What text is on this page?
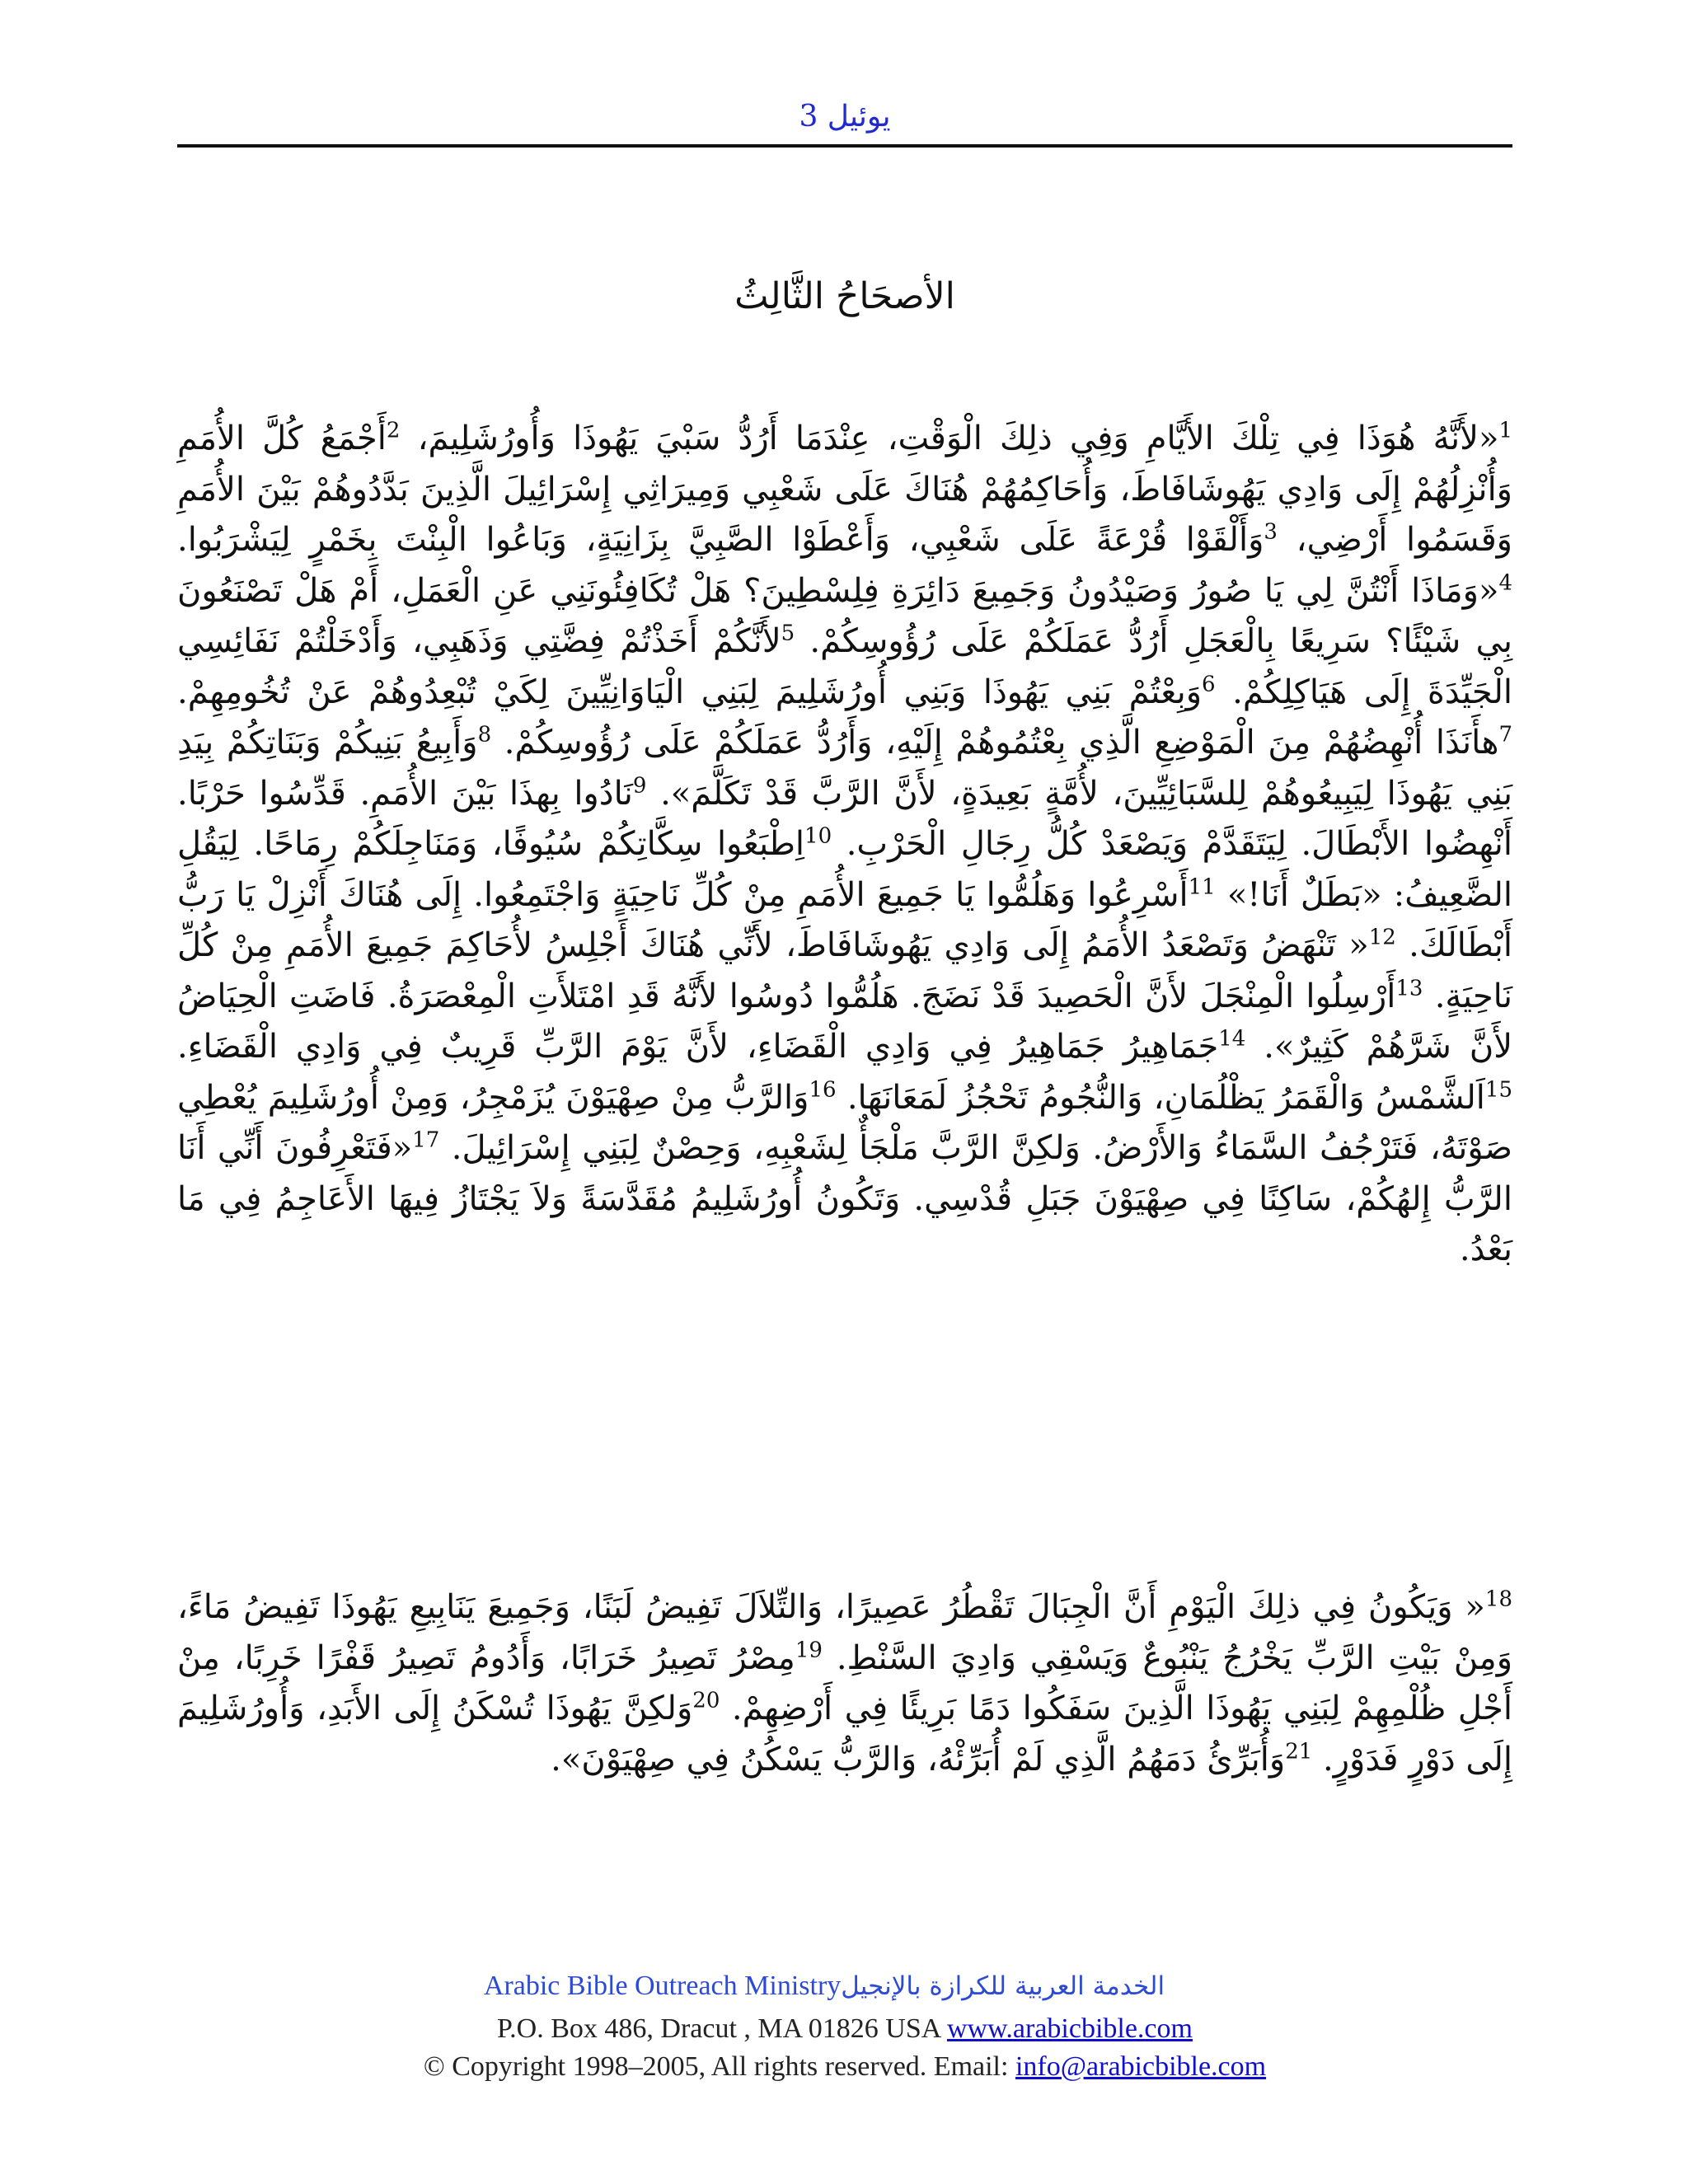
يوئيل 3
الأصحَاحُ الثَّالِثُ

$^1$«لأَنَّهُ هُوَذَا فِي تِلْكَ الأَيَّامِ وَفِي ذلِكَ الْوَقْتِ، عِنْدَمَا أَرُدُّ سَبْيَ يَهُوذَا وَأُورُشَلِيمَ، $^2$أَجْمَعُ كُلَّ الأُمَمِ وَأُنْزِلُهُمْ إِلَى وَادِي يَهُوشَافَاطَ، وَأُحَاكِمُهُمْ هُنَاكَ عَلَى شَعْبِي وَمِيرَاثِي إِسْرَائِيلَ الَّذِينَ بَدَّدُوهُمْ بَيْنَ الأُمَمِ وَقَسَمُوا أَرْضِي، $^3$وَأَلْقَوْا قُرْعَةً عَلَى شَعْبِي، وَأَعْطَوْا الصَّبِيَّ بِزَانِيَةٍ، وَبَاعُوا الْبِنْتَ بِخَمْرٍ لِيَشْرَبُوا. $^4$«وَمَاذَا أَنْتُنَّ لِي يَا صُورُ وَصَيْدُونُ وَجَمِيعَ دَائِرَةِ فِلِسْطِينَ؟ هَلْ تُكَافِئُونَنِي عَنِ الْعَمَلِ، أَمْ هَلْ تَصْنَعُونَ بِي شَيْئًا؟ سَرِيعًا بِالْعَجَلِ أَرُدُّ عَمَلَكُمْ عَلَى رُؤُوسِكُمْ. $^5$لأَنَّكُمْ أَخَذْتُمْ فِضَّتِي وَذَهَبِي، وَأَدْخَلْتُمْ نَفَائِسِي الْجَيِّدَةَ إِلَى هَيَاكِلِكُمْ. $^6$وَبِعْتُمْ بَنِي يَهُوذَا وَبَنِي أُورُشَلِيمَ لِبَنِي الْيَاوَانِيِّينَ لِكَيْ تُبْعِدُوهُمْ عَنْ تُخُومِهِمْ. $^7$هأَنَذَا أُنْهِضُهُمْ مِنَ الْمَوْضِعِ الَّذِي بِعْتُمُوهُمْ إِلَيْهِ، وَأَرُدُّ عَمَلَكُمْ عَلَى رُؤُوسِكُمْ. $^8$وَأَبِيعُ بَنِيكُمْ وَبَنَاتِكُمْ بِيَدِ بَنِي يَهُوذَا لِيَبِيعُوهُمْ لِلسَّبَائِيِّينَ، لأُمَّةٍ بَعِيدَةٍ، لأَنَّ الرَّبَّ قَدْ تَكَلَّمَ». $^9$نَادُوا بِهذَا بَيْنَ الأُمَمِ. قَدِّسُوا حَرْبًا. أَنْهِضُوا الأَبْطَالَ. لِيَتَقَدَّمْ وَيَصْعَدْ كُلُّ رِجَالِ الْحَرْبِ. $^{10}$اِطْبَعُوا سِكَّاتِكُمْ سُيُوفًا، وَمَنَاجِلَكُمْ رِمَاحًا. لِيَقُلِ الضَّعِيفُ: «بَطَلٌ أَنَا!» $^{11}$أَسْرِعُوا وَهَلُمُّوا يَا جَمِيعَ الأُمَمِ مِنْ كُلِّ نَاحِيَةٍ وَاجْتَمِعُوا. إِلَى هُنَاكَ أَنْزِلْ يَا رَبُّ أَبْطَالَكَ. $^{12}$« تَنْهَضُ وَتَصْعَدُ الأُمَمُ إِلَى وَادِي يَهُوشَافَاطَ، لأَنِّي هُنَاكَ أَجْلِسُ لأُحَاكِمَ جَمِيعَ الأُمَمِ مِنْ كُلِّ نَاحِيَةٍ. $^{13}$أَرْسِلُوا الْمِنْجَلَ لأَنَّ الْحَصِيدَ قَدْ نَضَجَ. هَلُمُّوا دُوسُوا لأَنَّهُ قَدِ امْتَلأَتِ الْمِعْصَرَةُ. فَاضَتِ الْحِيَاضُ لأَنَّ شَرَّهُمْ كَثِيرٌ». $^{14}$جَمَاهِيرُ جَمَاهِيرُ فِي وَادِي الْقَضَاءِ، لأَنَّ يَوْمَ الرَّبِّ قَرِيبٌ فِي وَادِي الْقَضَاءِ. $^{15}$اَلشَّمْسُ وَالْقَمَرُ يَظْلُمَانِ، وَالنُّجُومُ تَحْجُزُ لَمَعَانَهَا. $^{16}$وَالرَّبُّ مِنْ صِهْيَوْنَ يُزَمْجِرُ، وَمِنْ أُورُشَلِيمَ يُعْطِي صَوْتَهُ، فَتَرْجُفُ السَّمَاءُ وَالأَرْضُ. وَلكِنَّ الرَّبَّ مَلْجَأٌ لِشَعْبِهِ، وَحِصْنٌ لِبَنِي إِسْرَائِيلَ. $^{17}$«فَتَعْرِفُونَ أَنِّي أَنَا الرَّبُّ إِلهُكُمْ، سَاكِنًا فِي صِهْيَوْنَ جَبَلِ قُدْسِي. وَتَكُونُ أُورُشَلِيمُ مُقَدَّسَةً وَلاَ يَجْتَازُ فِيهَا الأَعَاجِمُ فِي مَا بَعْدُ.

$^{18}$« وَيَكُونُ فِي ذلِكَ الْيَوْمِ أَنَّ الْجِبَالَ تَقْطُرُ عَصِيرًا، وَالتِّلاَلَ تَفِيضُ لَبَنًا، وَجَمِيعَ يَنَابِيعِ يَهُوذَا تَفِيضُ مَاءً، وَمِنْ بَيْتِ الرَّبِّ يَخْرُجُ يَنْبُوعٌ وَيَسْقِي وَادِيَ السَّنْطِ. $^{19}$مِصْرُ تَصِيرُ خَرَابًا، وَأَدُومُ تَصِيرُ قَفْرًا خَرِبًا، مِنْ أَجْلِ ظُلْمِهِمْ لِبَنِي يَهُوذَا الَّذِينَ سَفَكُوا دَمًا بَرِيئًا فِي أَرْضِهِمْ. $^{20}$وَلكِنَّ يَهُوذَا تُسْكَنُ إِلَى الأَبَدِ، وَأُورُشَلِيمَ إِلَى دَوْرٍ فَدَوْرٍ. $^{21}$وَأُبَرِّئُ دَمَهُمُ الَّذِي لَمْ أُبَرِّئْهُ، وَالرَّبُّ يَسْكُنُ فِي صِهْيَوْنَ».

Arabic Bible Outreach Ministryالخدمة العربية للكرازة بالإنجيل
P.O. Box 486, Dracut , MA 01826 USA www.arabicbible.com
© Copyright 1998–2005, All rights reserved. Email: info@arabicbible.com
